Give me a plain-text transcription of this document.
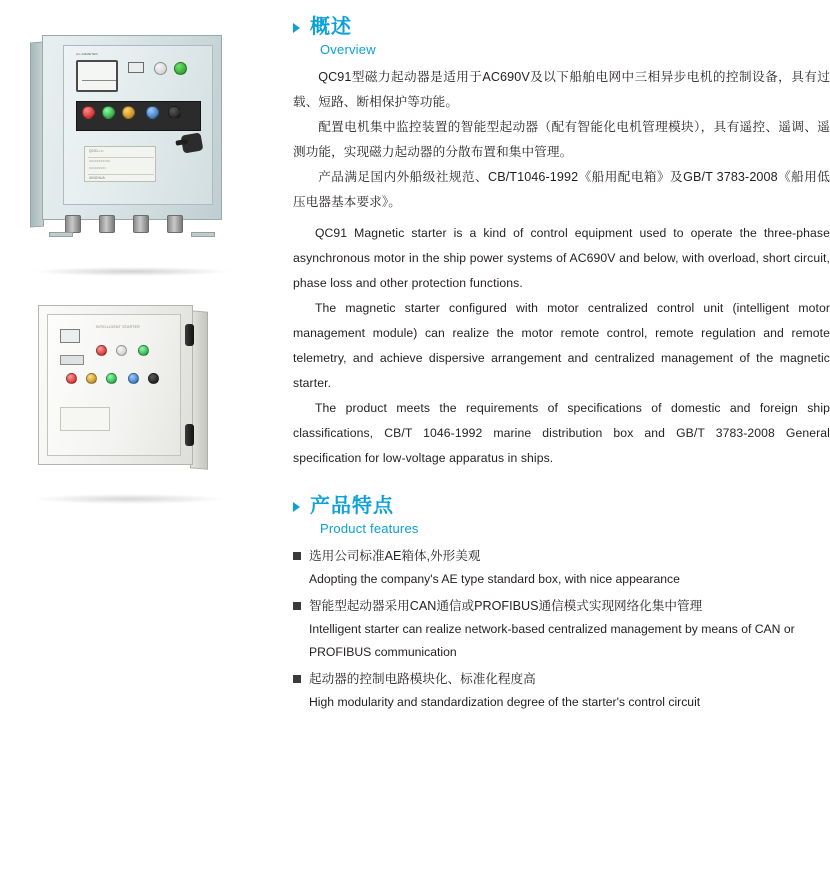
AC AMMETER
QC91-□□
□□□□□□□□□□
□□□□□□□□
XINGHUA
INTELLIGENT STARTER
概述
Overview

QC91型磁力起动器是适用于AC690V及以下船舶电网中三相异步电机的控制设备，具有过载、短路、断相保护等功能。

配置电机集中监控装置的智能型起动器（配有智能化电机管理模块），具有遥控、遥调、遥测功能，实现磁力起动器的分散布置和集中管理。

产品满足国内外船级社规范、CB/T1046-1992《船用配电箱》及GB/T 3783-2008《船用低压电器基本要求》。

QC91 Magnetic starter is a kind of control equipment used to operate the three-phase asynchronous motor in the ship power systems of AC690V and below, with overload, short circuit, phase loss and other protection functions.

The magnetic starter configured with motor centralized control unit (intelligent motor management module) can realize the motor remote control, remote regulation and remote telemetry, and achieve dispersive arrangement and centralized management of the magnetic starter.

The product meets the requirements of specifications of domestic and foreign ship classifications, CB/T 1046-1992 marine distribution box and GB/T 3783-2008 General specification for low-voltage apparatus in ships.

产品特点
Product features
选用公司标准AE箱体,外形美观
Adopting the company's AE type standard box, with nice appearance
智能型起动器采用CAN通信或PROFIBUS通信模式实现网络化集中管理
Intelligent starter can realize network-based centralized management by means of CAN or PROFIBUS communication
起动器的控制电路模块化、标准化程度高
High modularity and standardization degree of the starter's control circuit
